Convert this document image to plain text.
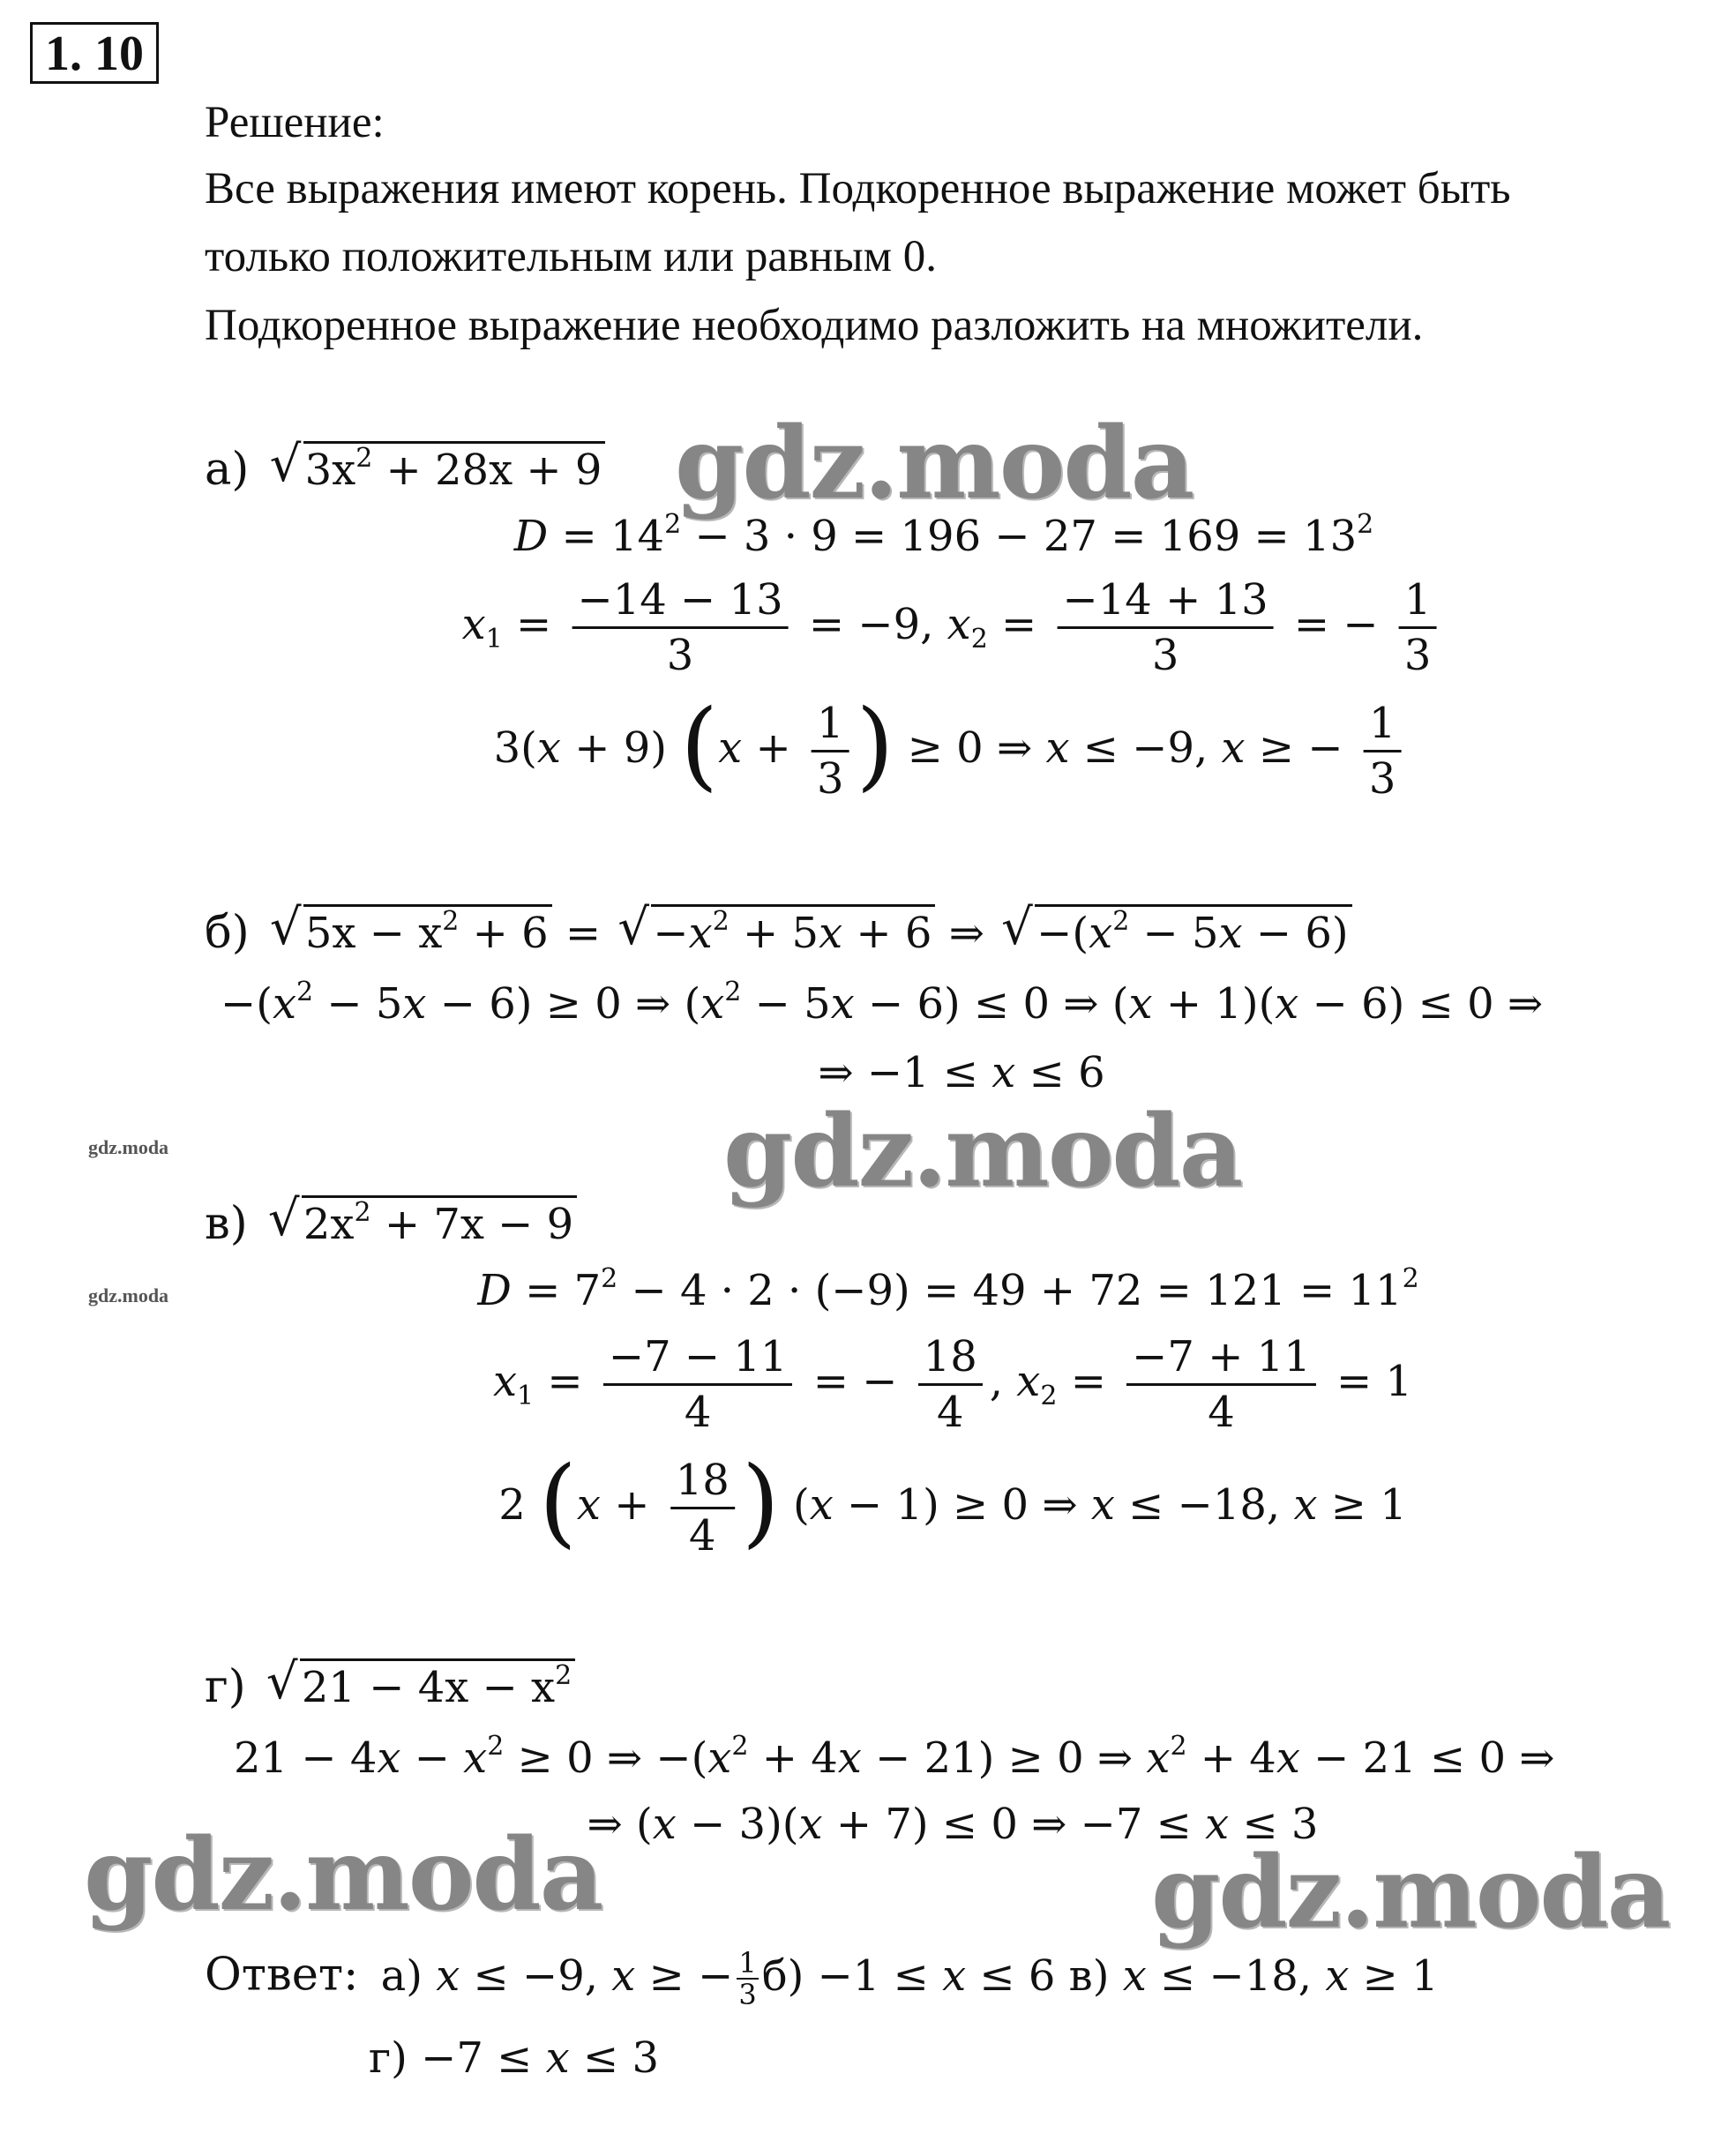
1. 10
Решение:
Все выражения имеют корень. Подкоренное выражение может быть
только положительным или равным 0.
Подкоренное выражение необходимо разложить на множители.
gdz.moda
gdz.moda
gdz.moda	gdz.moda
gdz.moda
gdz.moda
а) √ $3x^2 + 28x + 9$
$D = 14^2 - 3 \cdot 9 = 196 - 27 = 169 = 13^2$
$x_1 = \frac{-14 - 13}{3} = -9$, $x_2 = \frac{-14 + 13}{3}$ = − $\frac{1}{3}$
3(x + 9) ($x + \frac{1}{3}$ ) ≥ 0 ⇒ x ≤ −9, x ≥ − $\frac{1}{3}$
б) √ $5x - x^2 + 6$ = √ $-x^2 + 5x + 6$ ⇒ √ $-(x^2 - 5x - 6)$
$-(x^2 - 5x - 6) \ge 0$ ⇒ $(x^2 - 5x - 6) \le 0$ ⇒ (x + 1)(x − 6) ≤ 0 ⇒
⇒ −1 ≤ x ≤ 6
в) √ $2x^2 + 7x - 9$
$D = 7^2 - 4 \cdot 2 \cdot (-9) = 49 + 72 = 121 = 11^2$
$x_1 = \frac{-7 - 11}{4}$ = − $\frac{18}{4}$ , $x_2 = \frac{-7 + 11}{4} = 1$
2 ($x + \frac{18}{4}$ ) (x − 1) ≥ 0 ⇒ x ≤ −18, x ≥ 1
г) √ $21 - 4x - x^2$
$21 - 4x - x^2 \ge 0$ ⇒ $-(x^2 + 4x - 21) \ge 0$ ⇒ $x^2 + 4x - 21 \le 0$ ⇒
⇒ (x − 3)(x + 7) ≤ 0 ⇒ −7 ≤ x ≤ 3
Ответ: а) x ≤ −9, x ≥ − $\frac{1}{3} б) -1 \le x \le 6$ в) x ≤ −18, x ≥ 1
г) −7 ≤ x ≤ 3
